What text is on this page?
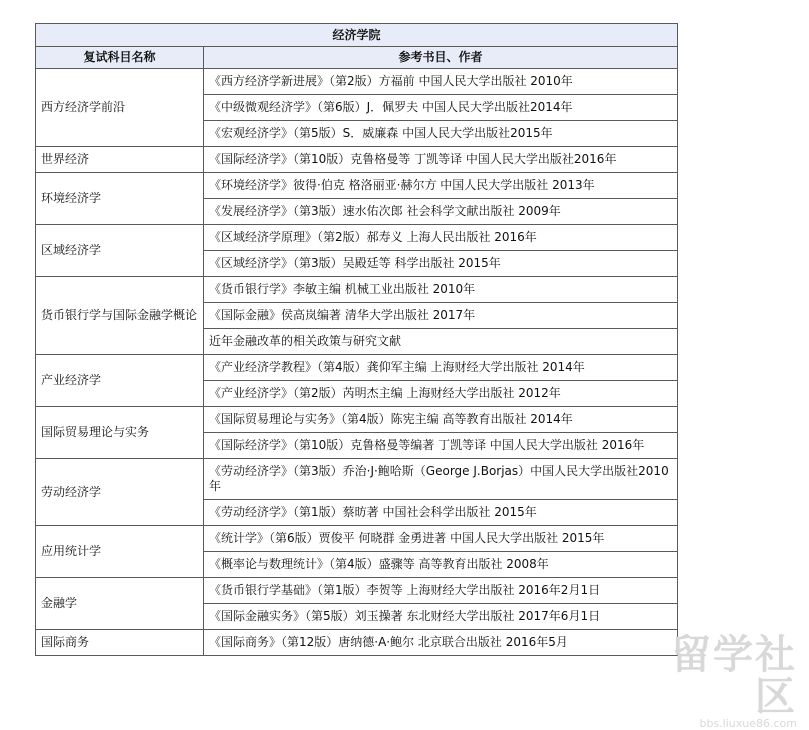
经济学院	
复试科目名称	参考书目、作者
西方经济学前沿	《西方经济学新进展》（第2版）方福前 中国人民大学出版社 2010年
	《中级微观经济学》（第6版）J．佩罗夫 中国人民大学出版社2014年
	《宏观经济学》（第5版）S．威廉森 中国人民大学出版社2015年
世界经济	《国际经济学》（第10版）克鲁格曼等 丁凯等译 中国人民大学出版社2016年
环境经济学	《环境经济学》彼得·伯克 格洛丽亚·赫尔方 中国人民大学出版社 2013年
	《发展经济学》（第3版）速水佑次郎 社会科学文献出版社 2009年
区域经济学	《区域经济学原理》（第2版）郝寿义 上海人民出版社 2016年
	《区域经济学》（第3版）吴殿廷等 科学出版社 2015年
货币银行学与国际金融学概论	《货币银行学》李敏主编 机械工业出版社 2010年
	《国际金融》侯高岚编著 清华大学出版社 2017年
	近年金融改革的相关政策与研究文献
产业经济学	《产业经济学教程》（第4版）龚仰军主编 上海财经大学出版社 2014年
	《产业经济学》（第2版）芮明杰主编 上海财经大学出版社 2012年
国际贸易理论与实务	《国际贸易理论与实务》（第4版）陈宪主编 高等教育出版社 2014年
	《国际经济学》（第10版）克鲁格曼等编著 丁凯等译 中国人民大学出版社 2016年
劳动经济学	《劳动经济学》（第3版）乔治·J·鲍哈斯（George J.Borjas）中国人民大学出版社2010年
	《劳动经济学》（第1版）蔡昉著 中国社会科学出版社 2015年
应用统计学	《统计学》（第6版）贾俊平 何晓群 金勇进著 中国人民大学出版社 2015年
	《概率论与数理统计》（第4版）盛骤等 高等教育出版社 2008年
金融学	《货币银行学基础》（第1版）李贺等 上海财经大学出版社 2016年2月1日
	《国际金融实务》（第5版）刘玉操著 东北财经大学出版社 2017年6月1日
国际商务	《国际商务》（第12版）唐纳德·A·鲍尔 北京联合出版社 2016年5月	留学社区
bbs.liuxue86.com
